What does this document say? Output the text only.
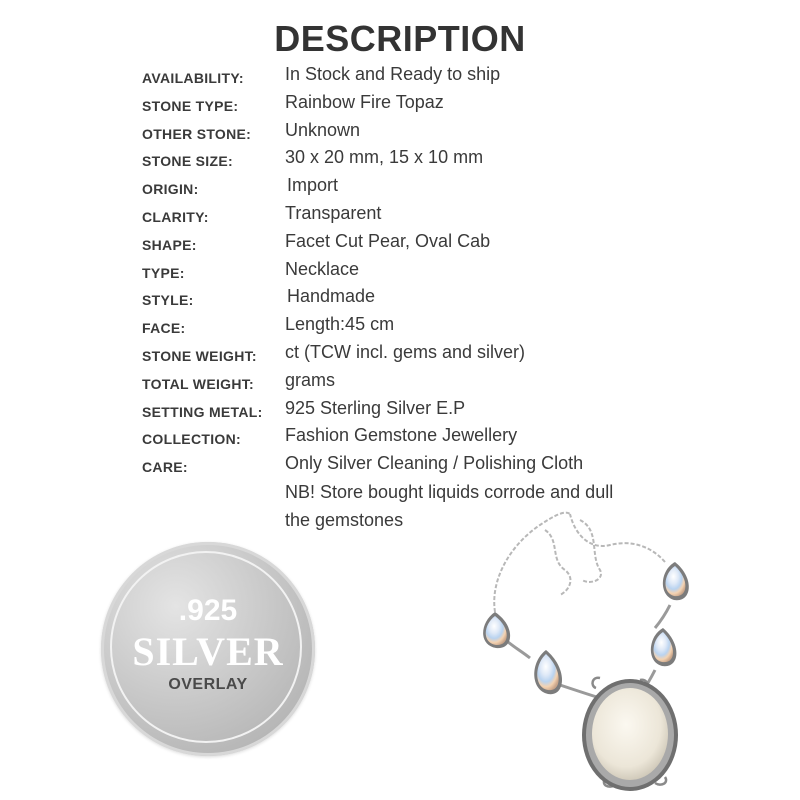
DESCRIPTION
AVAILABILITY: In Stock and Ready to ship
STONE TYPE:	Rainbow Fire Topaz
OTHER STONE: Unknown
STONE SIZE:	30 x 20 mm, 15 x 10 mm
ORIGIN:	Import
CLARITY:	Transparent
SHAPE:	Facet Cut Pear, Oval Cab
TYPE:	Necklace
STYLE:	Handmade
FACE:	Length:45 cm
STONE WEIGHT: ct (TCW incl. gems and silver)
TOTAL WEIGHT: grams
SETTING METAL: 925 Sterling Silver E.P
COLLECTION: Fashion Gemstone Jewellery
CARE:	Only Silver Cleaning / Polishing Cloth
NB! Store bought liquids corrode and dull
the gemstones
.925
SILVER
OVERLAY
